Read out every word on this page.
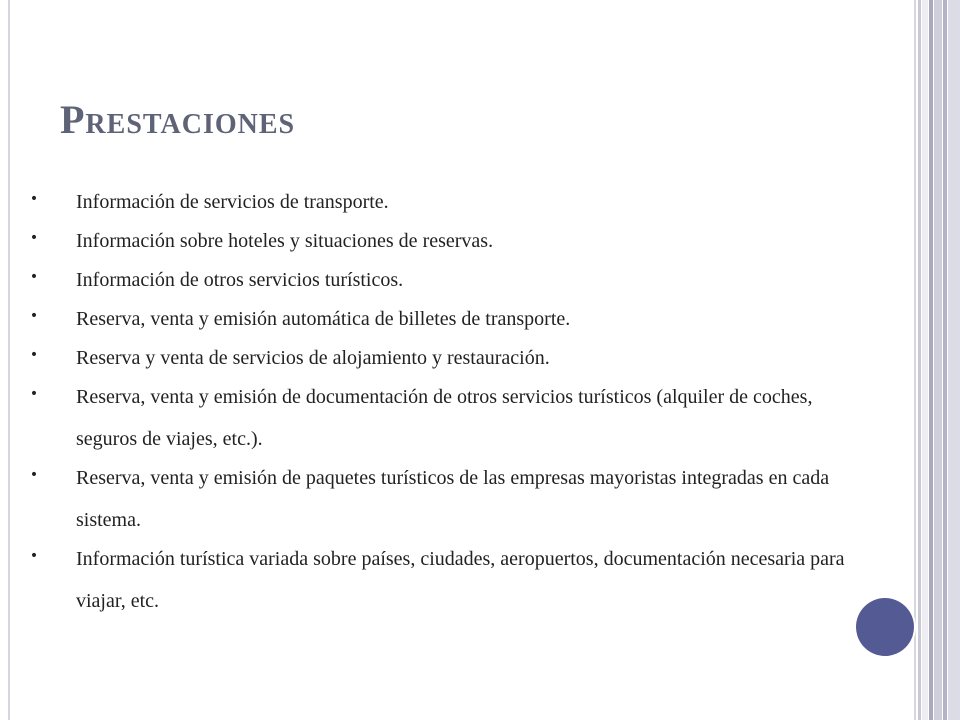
Prestaciones
• Información de servicios de transporte.
• Información sobre hoteles y situaciones de reservas.
• Información de otros servicios turísticos.
• Reserva, venta y emisión automática de billetes de transporte.
• Reserva y venta de servicios de alojamiento y restauración.
• Reserva, venta y emisión de documentación de otros servicios turísticos (alquiler de coches, seguros de viajes, etc.).
• Reserva, venta y emisión de paquetes turísticos de las empresas mayoristas integradas en cada sistema.
• Información turística variada sobre países, ciudades, aeropuertos, documentación necesaria para viajar, etc.
